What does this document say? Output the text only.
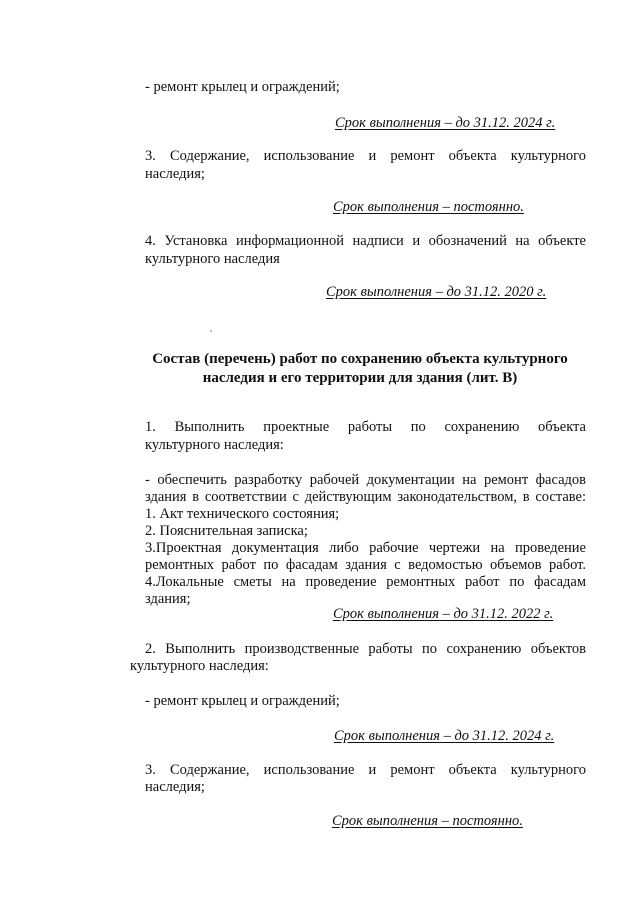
- ремонт крылец и ограждений;
Срок выполнения – до 31.12. 2024 г.
3. Содержание, использование и ремонт объекта культурного
наследия;
Срок выполнения – постоянно.
4. Установка информационной надписи и обозначений на объекте
культурного наследия
Срок выполнения – до 31.12. 2020 г.
Состав (перечень) работ по сохранению объекта культурного
наследия и его территории для здания (лит. В)
1. Выполнить проектные работы по сохранению объекта
культурного наследия:
- обеспечить разработку рабочей документации на ремонт фасадов
здания в соответствии с действующим законодательством, в составе:
1. Акт технического состояния;
2. Пояснительная записка;
3.Проектная документация либо рабочие чертежи на проведение
ремонтных работ по фасадам здания с ведомостью объемов работ.
4.Локальные сметы на проведение ремонтных работ по фасадам
здания;
Срок выполнения – до 31.12. 2022 г.
2. Выполнить производственные работы по сохранению объектов
культурного наследия:
- ремонт крылец и ограждений;
Срок выполнения – до 31.12. 2024 г.
3. Содержание, использование и ремонт объекта культурного
наследия;
Срок выполнения – постоянно.
